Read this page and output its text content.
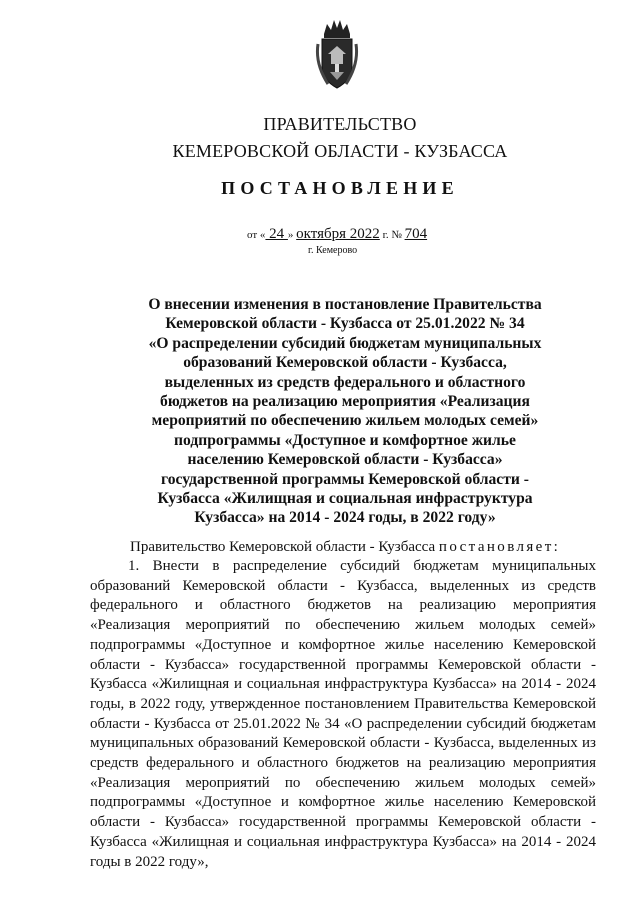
ПРАВИТЕЛЬСТВО
КЕМЕРОВСКОЙ ОБЛАСТИ - КУЗБАССА
ПОСТАНОВЛЕНИЕ
от « 24 » октября 2022 г. № 704
г. Кемерово
О внесении изменения в постановление Правительства
Кемеровской области - Кузбасса от 25.01.2022 № 34
«О распределении субсидий бюджетам муниципальных
образований Кемеровской области - Кузбасса,
выделенных из средств федерального и областного
бюджетов на реализацию мероприятия «Реализация
мероприятий по обеспечению жильем молодых семей»
подпрограммы «Доступное и комфортное жилье
населению Кемеровской области - Кузбасса»
государственной программы Кемеровской области -
Кузбасса «Жилищная и социальная инфраструктура
Кузбасса» на 2014 - 2024 годы, в 2022 году»
Правительство Кемеровской области - Кузбасса постановляет:
1. Внести в распределение субсидий бюджетам муниципальных образований Кемеровской области - Кузбасса, выделенных из средств федерального и областного бюджетов на реализацию мероприятия «Реализация мероприятий по обеспечению жильем молодых семей» подпрограммы «Доступное и комфортное жилье населению Кемеровской области - Кузбасса» государственной программы Кемеровской области - Кузбасса «Жилищная и социальная инфраструктура Кузбасса» на 2014 - 2024 годы, в 2022 году, утвержденное постановлением Правительства Кемеровской области - Кузбасса от 25.01.2022 № 34 «О распределении субсидий бюджетам муниципальных образований Кемеровской области - Кузбасса, выделенных из средств федерального и областного бюджетов на реализацию мероприятия «Реализация мероприятий по обеспечению жильем молодых семей» подпрограммы «Доступное и комфортное жилье населению Кемеровской области - Кузбасса» государственной программы Кемеровской области - Кузбасса «Жилищная и социальная инфраструктура Кузбасса» на 2014 - 2024 годы в 2022 году»,
